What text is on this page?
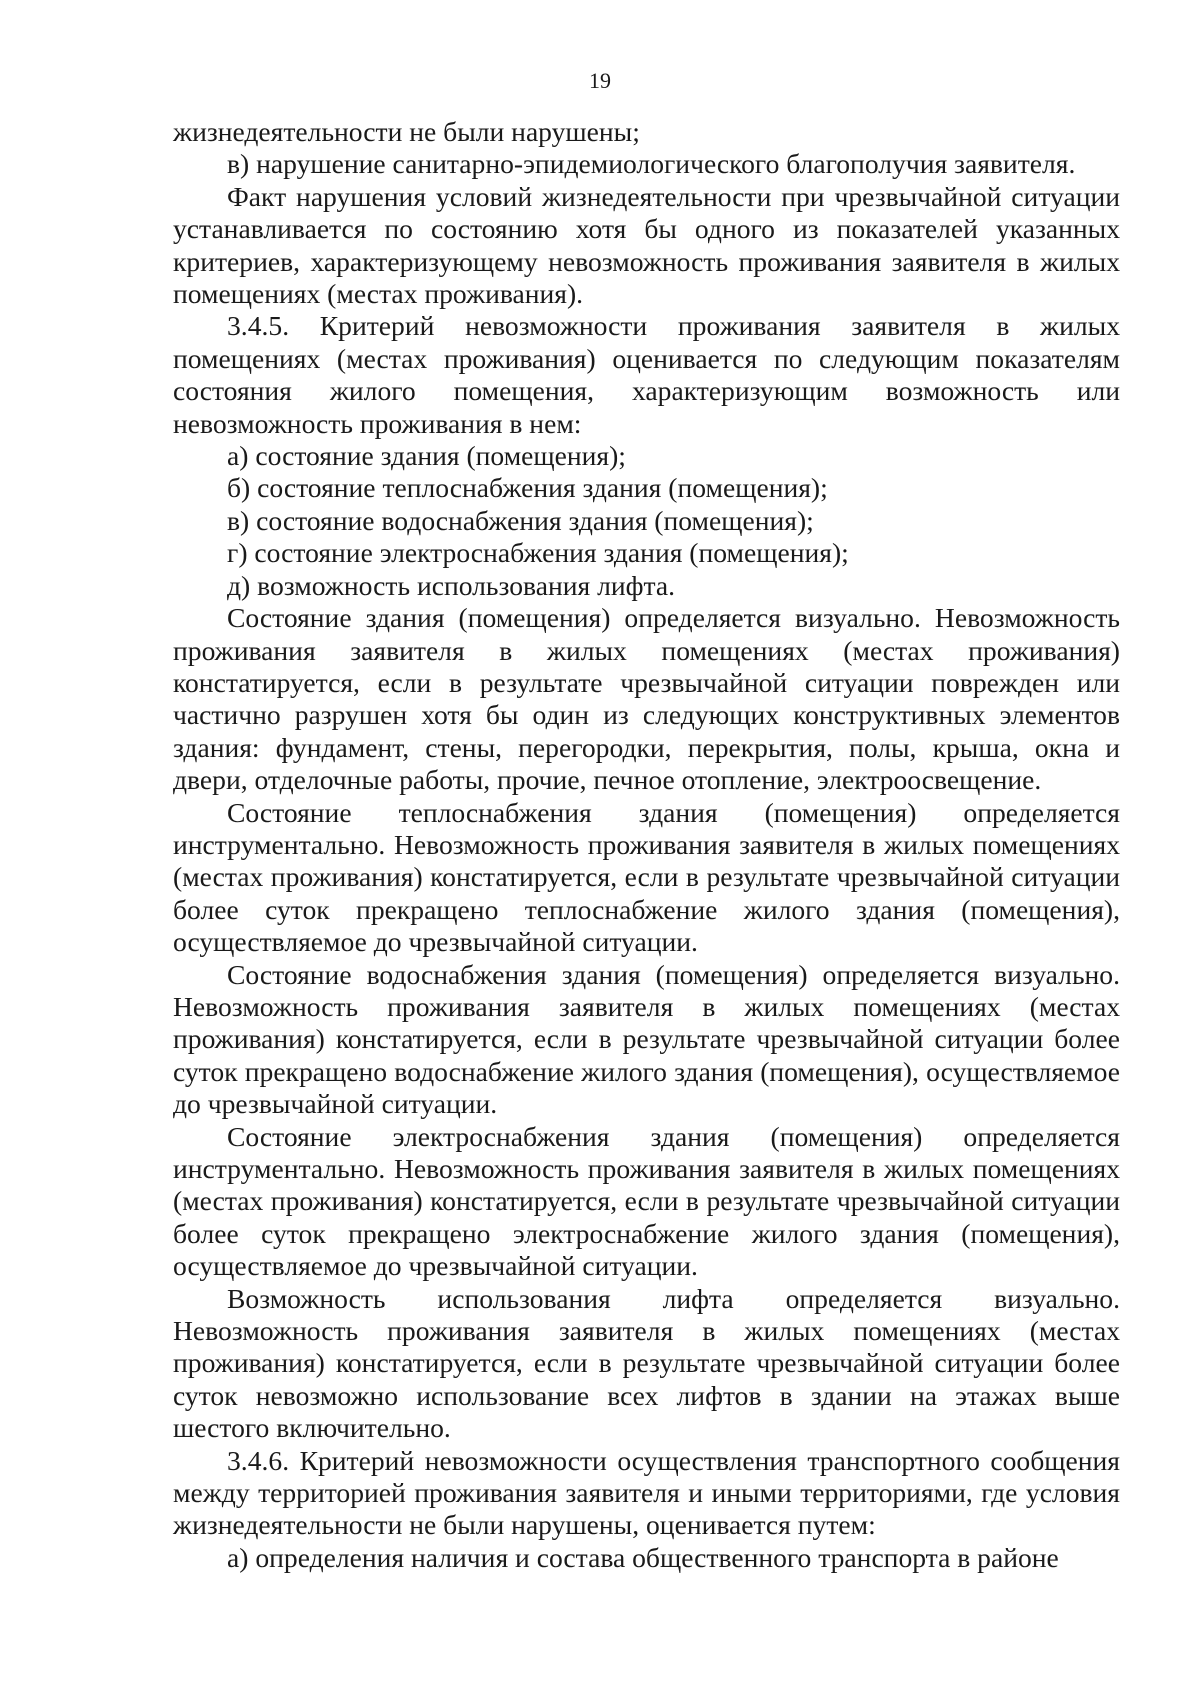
19

жизнедеятельности не были нарушены;

в) нарушение санитарно-эпидемиологического благополучия заявителя.

Факт нарушения условий жизнедеятельности при чрезвычайной ситуации устанавливается по состоянию хотя бы одного из показателей указанных критериев, характеризующему невозможность проживания заявителя в жилых помещениях (местах проживания).

3.4.5. Критерий невозможности проживания заявителя в жилых помещениях (местах проживания) оценивается по следующим показателям состояния жилого помещения, характеризующим возможность или невозможность проживания в нем:

а) состояние здания (помещения);

б) состояние теплоснабжения здания (помещения);

в) состояние водоснабжения здания (помещения);

г) состояние электроснабжения здания (помещения);

д) возможность использования лифта.

Состояние здания (помещения) определяется визуально. Невозможность проживания заявителя в жилых помещениях (местах проживания) констатируется, если в результате чрезвычайной ситуации поврежден или частично разрушен хотя бы один из следующих конструктивных элементов здания: фундамент, стены, перегородки, перекрытия, полы, крыша, окна и двери, отделочные работы, прочие, печное отопление, электроосвещение.

Состояние теплоснабжения здания (помещения) определяется инструментально. Невозможность проживания заявителя в жилых помещениях (местах проживания) констатируется, если в результате чрезвычайной ситуации более суток прекращено теплоснабжение жилого здания (помещения), осуществляемое до чрезвычайной ситуации.

Состояние водоснабжения здания (помещения) определяется визуально. Невозможность проживания заявителя в жилых помещениях (местах проживания) констатируется, если в результате чрезвычайной ситуации более суток прекращено водоснабжение жилого здания (помещения), осуществляемое до чрезвычайной ситуации.

Состояние электроснабжения здания (помещения) определяется инструментально. Невозможность проживания заявителя в жилых помещениях (местах проживания) констатируется, если в результате чрезвычайной ситуации более суток прекращено электроснабжение жилого здания (помещения), осуществляемое до чрезвычайной ситуации.

Возможность использования лифта определяется визуально. Невозможность проживания заявителя в жилых помещениях (местах проживания) констатируется, если в результате чрезвычайной ситуации более суток невозможно использование всех лифтов в здании на этажах выше шестого включительно.

3.4.6. Критерий невозможности осуществления транспортного сообщения между территорией проживания заявителя и иными территориями, где условия жизнедеятельности не были нарушены, оценивается путем:

а) определения наличия и состава общественного транспорта в районе
